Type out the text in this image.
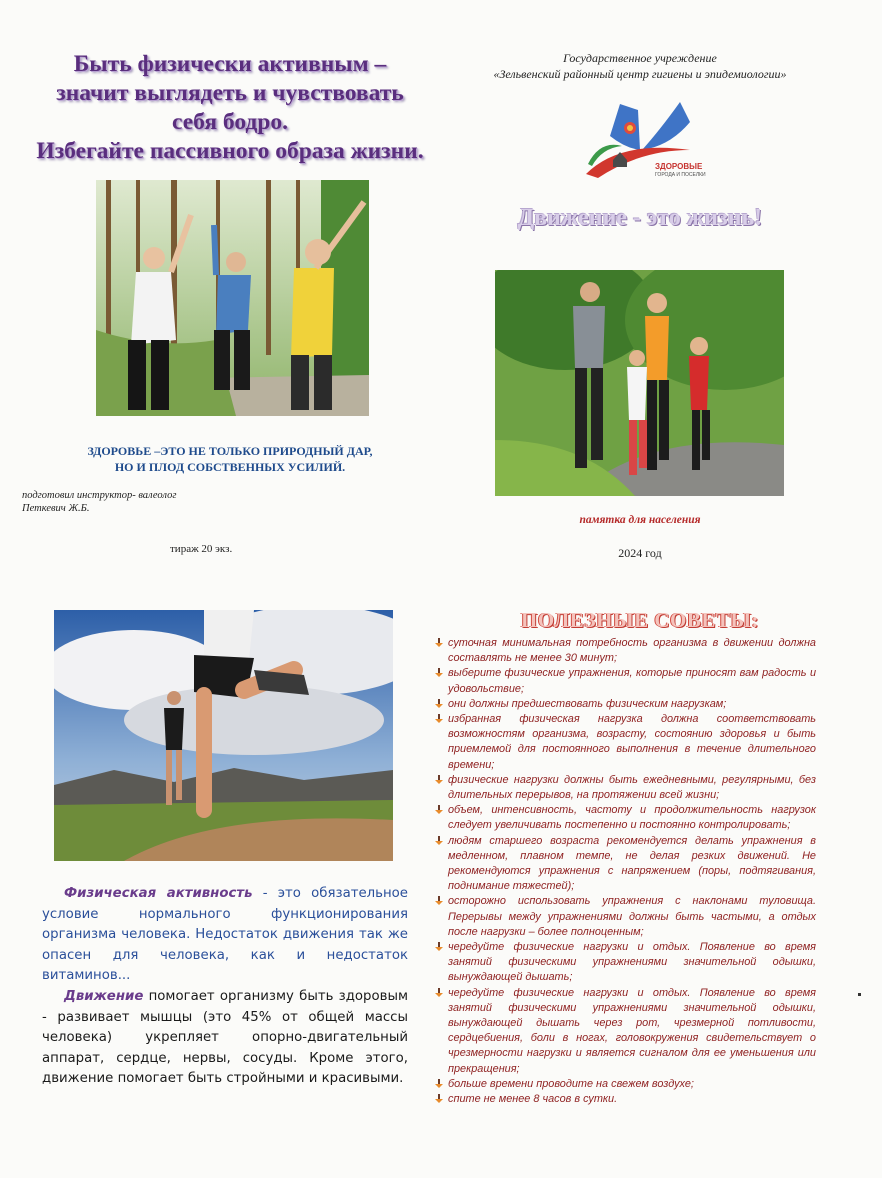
Быть физически активным –
значит выглядеть и чувствовать
себя бодро.
Избегайте пассивного образа жизни.
ЗДОРОВЬЕ –ЭТО НЕ ТОЛЬКО ПРИРОДНЫЙ ДАР,
НО И ПЛОД СОБСТВЕННЫХ УСИЛИЙ.
подготовил инструктор- валеолог
Петкевич Ж.Б.
тираж 20 экз.
Государственное учреждение
«Зельвенский районный центр гигиены и эпидемиологии»
ЗДОРОВЫЕ
ГОРОДА И ПОСЕЛКИ
Движение - это жизнь!
памятка для населения
2024 год
Физическая активность - это обязательное условие нормального функционирования организма человека. Недостаток движения так же опасен для человека, как и недостаток витаминов...
Движение помогает организму быть здоровым - развивает мышцы (это 45% от общей массы человека) укрепляет опорно-двигательный аппарат, сердце, нервы, сосуды. Кроме этого, движение помогает быть стройными и красивыми.
ПОЛЕЗНЫЕ СОВЕТЫ:
суточная минимальная потребность организма в движении должна составлять не менее 30 минут;
выберите физические упражнения, которые приносят вам радость и удовольствие;
они должны предшествовать физическим нагрузкам;
избранная физическая нагрузка должна соответствовать возможностям организма, возрасту, состоянию здоровья и быть приемлемой для постоянного выполнения в течение длительного времени;
физические нагрузки должны быть ежедневными, регулярными, без длительных перерывов, на протяжении всей жизни;
объем, интенсивность, частоту и продолжительность нагрузок следует увеличивать постепенно и постоянно контролировать;
людям старшего возраста рекомендуется делать упражнения в медленном, плавном темпе, не делая резких движений. Не рекомендуются упражнения с напряжением (поры, подтягивания, поднимание тяжестей);
осторожно использовать упражнения с наклонами туловища. Перерывы между упражнениями должны быть частыми, а отдых после нагрузки – более полноценным;
чередуйте физические нагрузки и отдых. Появление во время занятий физическими упражнениями значительной одышки, вынуждающей дышать;
чередуйте физические нагрузки и отдых. Появление во время занятий физическими упражнениями значительной одышки, вынуждающей дышать через рот, чрезмерной потливости, сердцебиения, боли в ногах, головокружения свидетельствует о чрезмерности нагрузки и является сигналом для ее уменьшения или прекращения;
больше времени проводите на свежем воздухе;
спите не менее 8 часов в сутки.
